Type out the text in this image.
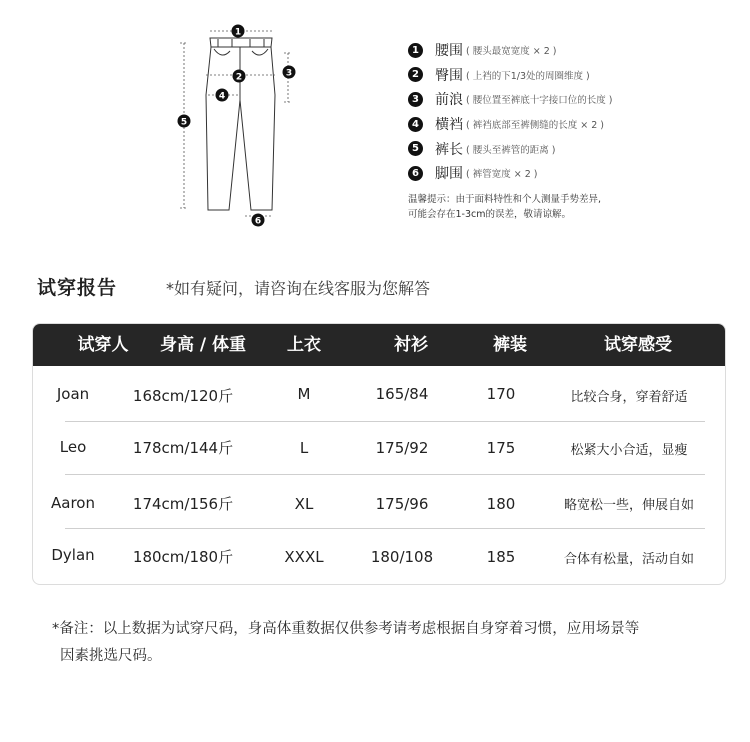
1
2	3
4
5
6
1 腰围 ( 腰头最宽宽度 × 2 )
2 臀围 ( 上裆的下1/3处的周圈维度 )
3 前浪 ( 腰位置至裤底十字接口位的长度 )
4 横裆 ( 裤裆底部至裤侧缝的长度 × 2 )
5 裤长 ( 腰头至裤管的距离 )
6 脚围 ( 裤管宽度 × 2 )
温馨提示：由于面料特性和个人测量手势差异,
可能会存在1-3cm的误差，敬请谅解。
试穿报告	*如有疑问，请咨询在线客服为您解答
试穿人	身高 / 体重	上衣	衬衫	裤装	试穿感受
Joan	168cm/120斤	M	165/84	170	比较合身，穿着舒适
Leo	178cm/144斤	L	175/92	175	松紧大小合适，显瘦
Aaron	174cm/156斤	XL	175/96	180	略宽松一些，伸展自如
Dylan	180cm/180斤	XXXL	180/108	185	合体有松量，活动自如
*备注：以上数据为试穿尺码，身高体重数据仅供参考请考虑根据自身穿着习惯，应用场景等
因素挑选尺码。
